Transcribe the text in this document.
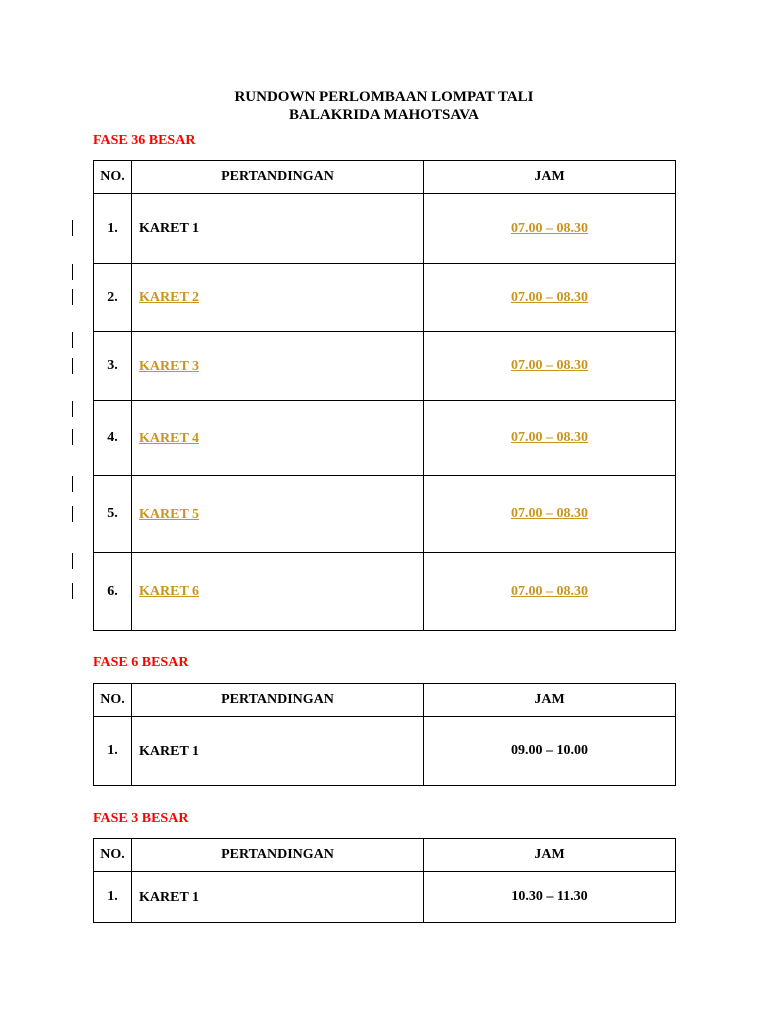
RUNDOWN PERLOMBAAN LOMPAT TALI
BALAKRIDA MAHOTSAVA
FASE 36 BESAR
NO.	PERTANDINGAN	JAM

1.	KARET 1	07.00 – 08.30

2.	KARET 2	07.00 – 08.30

3.	KARET 3	07.00 – 08.30

4.	KARET 4	07.00 – 08.30

5.	KARET 5	07.00 – 08.30

6.	KARET 6	07.00 – 08.30
FASE 6 BESAR
NO.	PERTANDINGAN	JAM
1.	KARET 1	09.00 – 10.00
FASE 3 BESAR
NO.	PERTANDINGAN	JAM
1.	KARET 1	10.30 – 11.30
